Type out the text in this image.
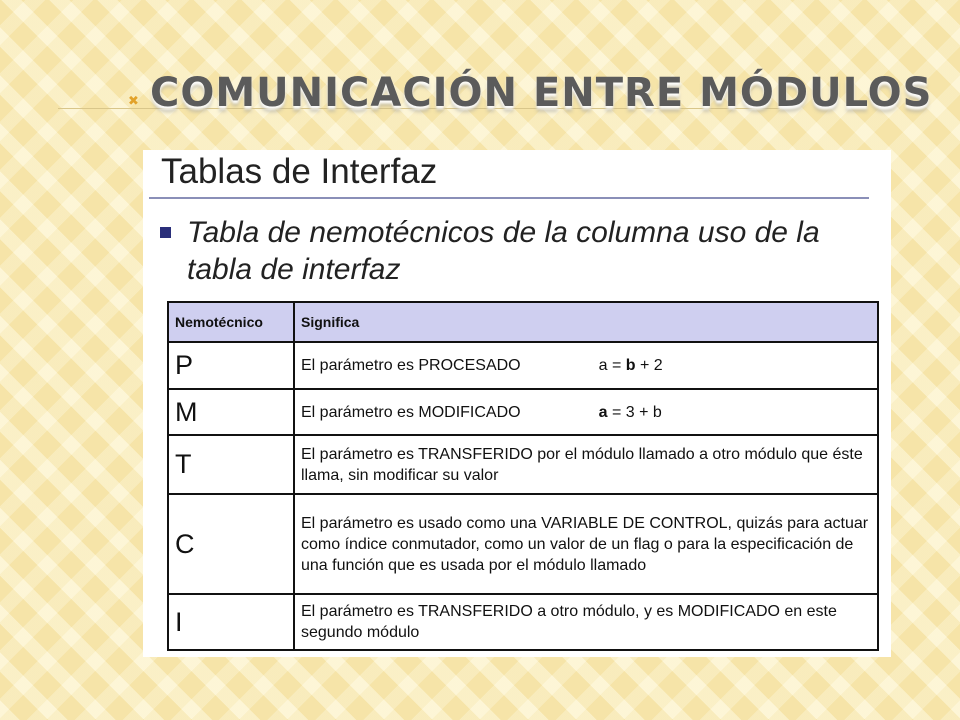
✖ COMUNICACIÓN ENTRE MÓDULOS
Tablas de Interfaz
Tabla de nemotécnicos de la columna uso de la tabla de interfaz
Nemotécnico	Significa
P	El parámetro es PROCESADO a = b + 2
M	El parámetro es MODIFICADO a = 3 + b
T	El parámetro es TRANSFERIDO por el módulo llamado a otro módulo que éste llama, sin modificar su valor
C	El parámetro es usado como una VARIABLE DE CONTROL, quizás para actuar como índice conmutador, como un valor de un flag o para la especificación de una función que es usada por el módulo llamado
I	El parámetro es TRANSFERIDO a otro módulo, y es MODIFICADO en este segundo módulo
